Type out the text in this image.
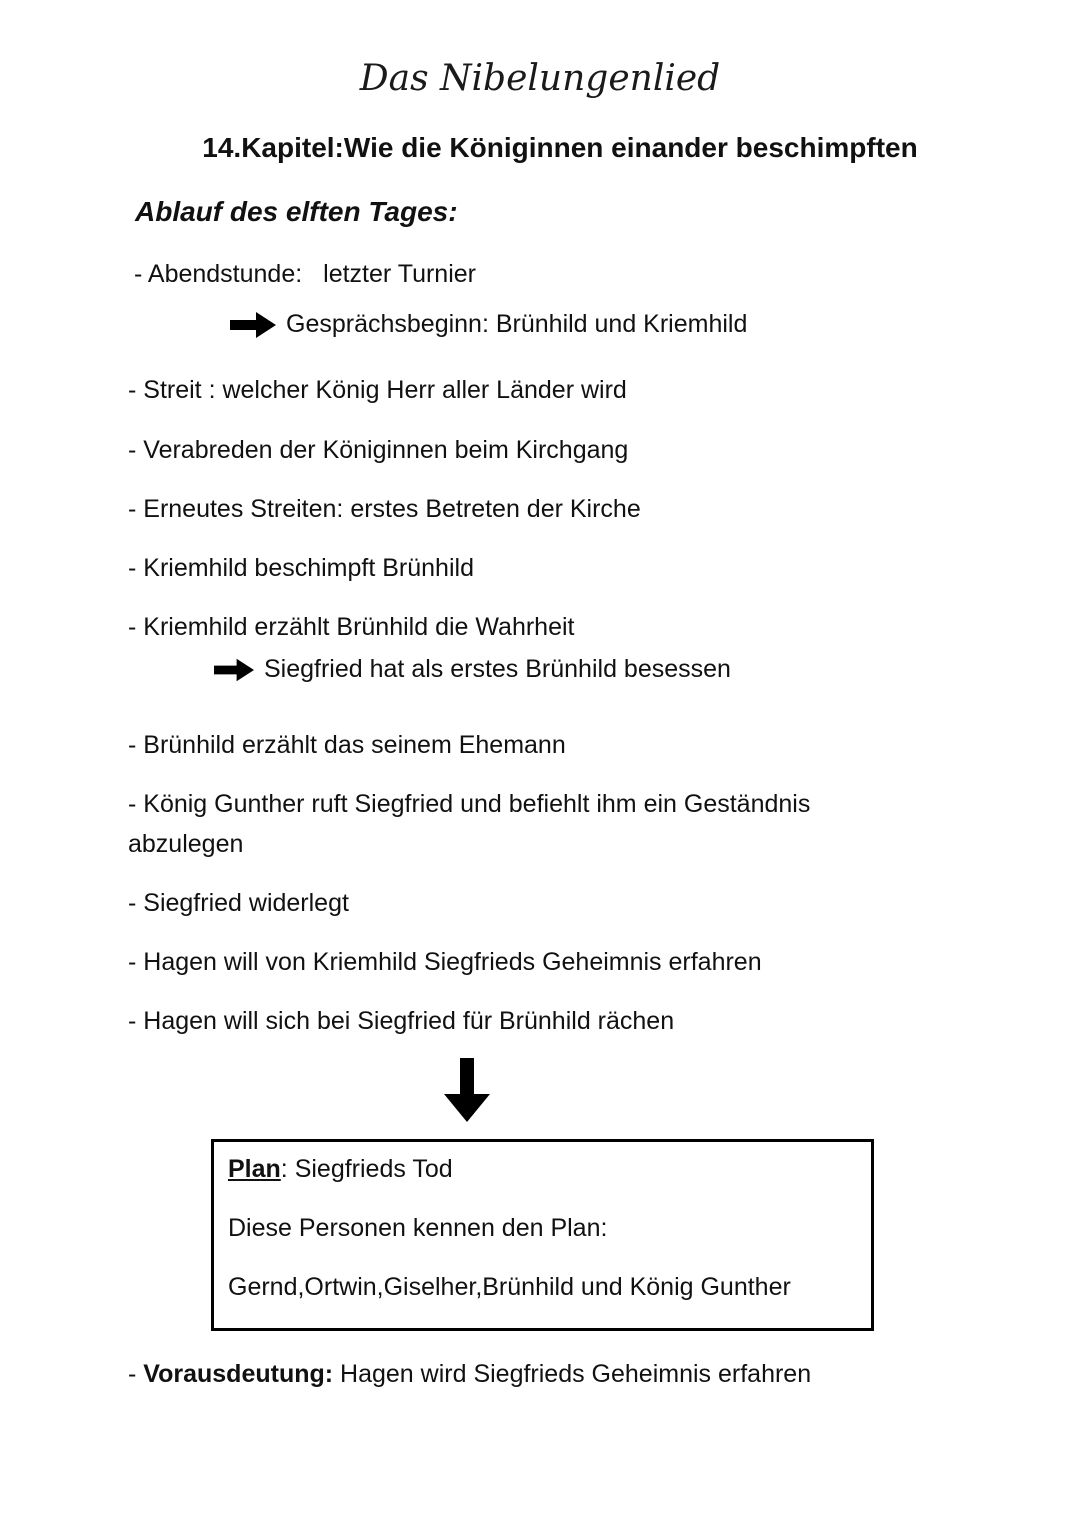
Das Nibelungenlied
14.Kapitel:Wie die Königinnen einander beschimpften
Ablauf des elften Tages:
- Abendstunde: letzter Turnier
Gesprächsbeginn: Brünhild und Kriemhild
- Streit : welcher König Herr aller Länder wird
- Verabreden der Königinnen beim Kirchgang
- Erneutes Streiten: erstes Betreten der Kirche
- Kriemhild beschimpft Brünhild
- Kriemhild erzählt Brünhild die Wahrheit
Siegfried hat als erstes Brünhild besessen
- Brünhild erzählt das seinem Ehemann
- König Gunther ruft Siegfried und befiehlt ihm ein Geständnis
abzulegen
- Siegfried widerlegt
- Hagen will von Kriemhild Siegfrieds Geheimnis erfahren
- Hagen will sich bei Siegfried für Brünhild rächen
Plan: Siegfrieds Tod
Diese Personen kennen den Plan:
Gernd,Ortwin,Giselher,Brünhild und König Gunther
- Vorausdeutung: Hagen wird Siegfrieds Geheimnis erfahren
